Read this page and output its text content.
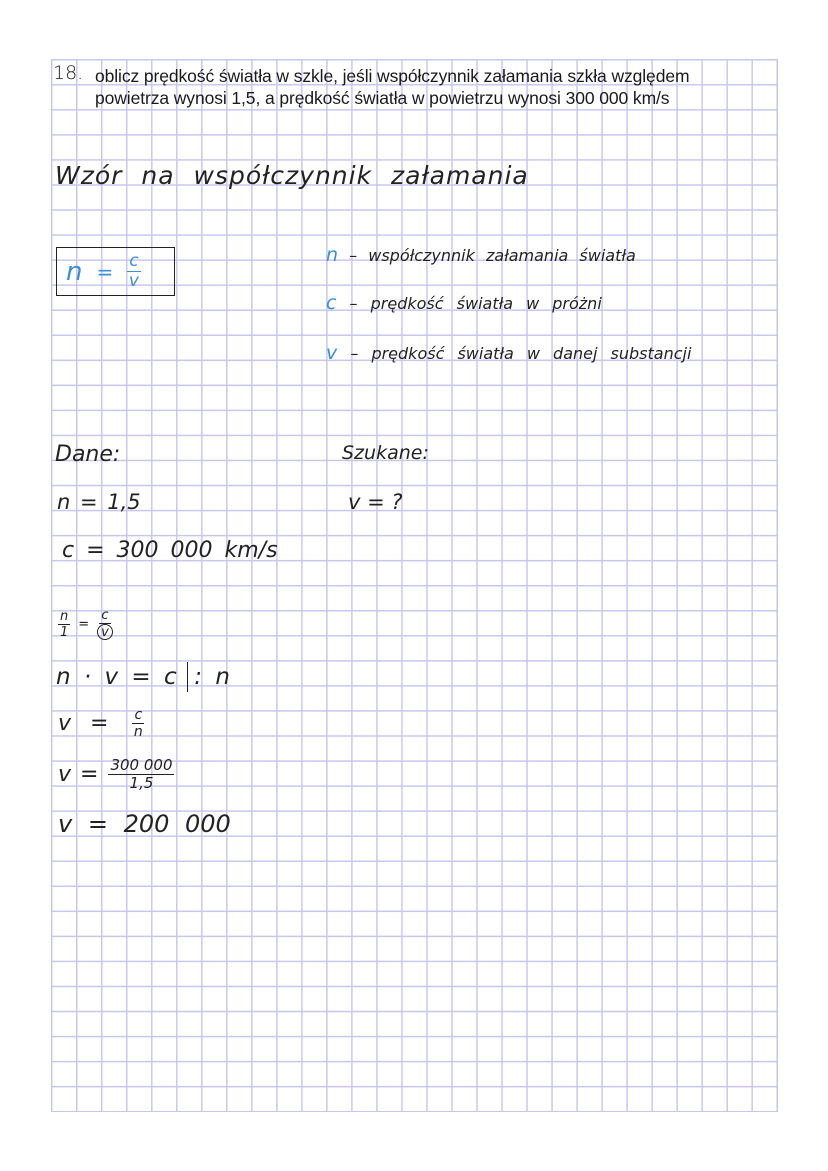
18. oblicz prędkość światła w szkle, jeśli współczynnik załamania szkła względem
powietrza wynosi 1,5, a prędkość światła w powietrzu wynosi 300 000 km/s
Wzór na współczynnik załamania
$n = \frac{c}{v}$	n – współczynnik załamania światła
c – prędkość światła w próżni
v – prędkość światła w danej substancji
Dane:
n = 1,5
c = 300 000 km/s
Szukane:
v = ?
$\frac{n}{1} = \frac{c}{v}$
n · v = c : n
$v = \frac{c}{n}$
$v = \frac{300 000}{1,5}$
v = 200 000
